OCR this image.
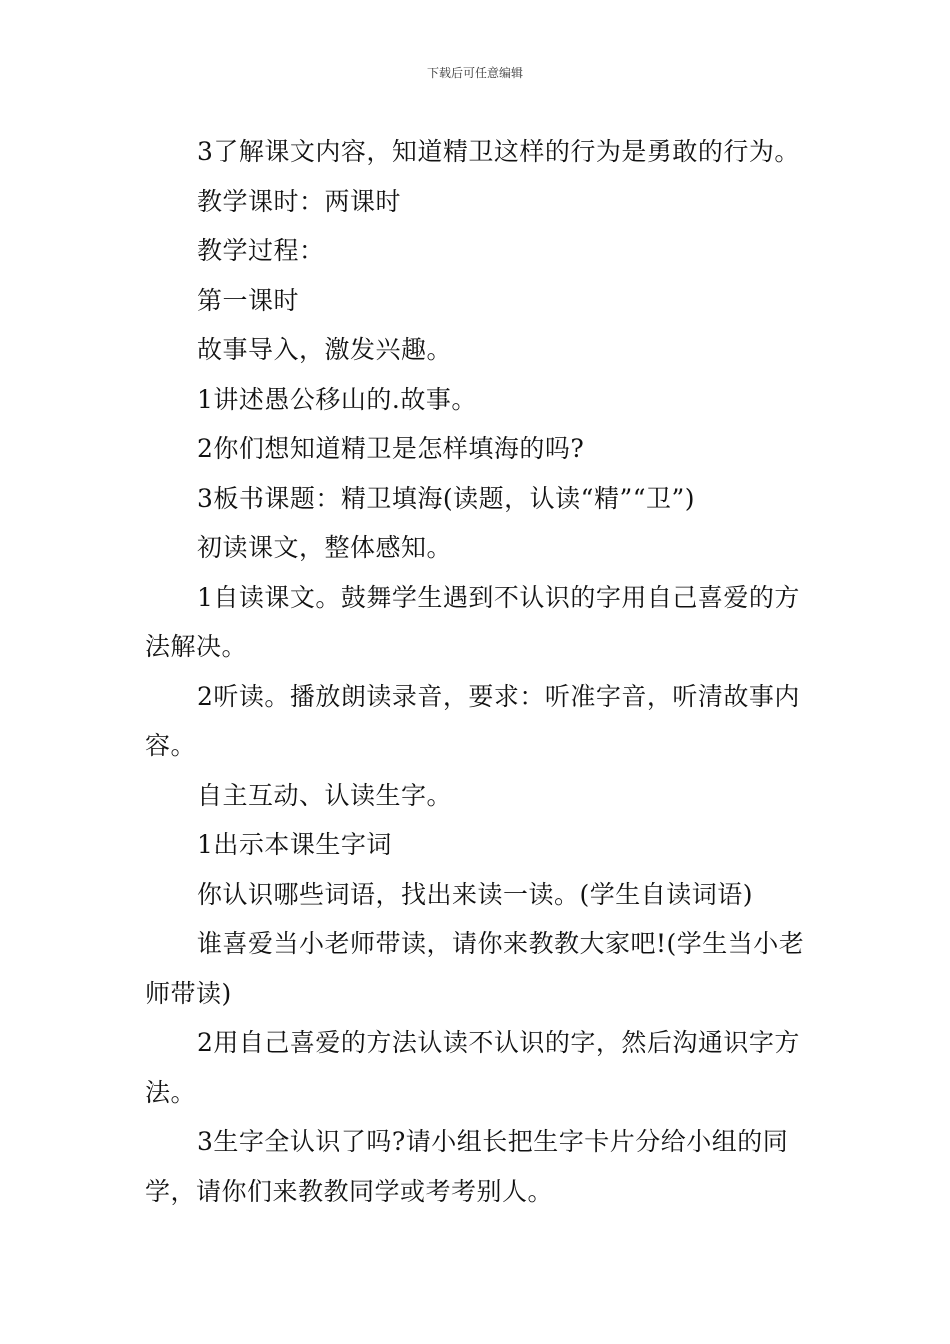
下载后可任意编辑

3了解课文内容，知道精卫这样的行为是勇敢的行为。

教学课时：两课时

教学过程：

第一课时

故事导入，激发兴趣。

1讲述愚公移山的.故事。

2你们想知道精卫是怎样填海的吗?

3板书课题：精卫填海(读题，认读“精”“卫”)

初读课文，整体感知。

1自读课文。鼓舞学生遇到不认识的字用自己喜爱的方法解决。

2听读。播放朗读录音，要求：听准字音，听清故事内容。

自主互动、认读生字。

1出示本课生字词

你认识哪些词语，找出来读一读。(学生自读词语)

谁喜爱当小老师带读，请你来教教大家吧!(学生当小老师带读)

2用自己喜爱的方法认读不认识的字，然后沟通识字方法。

3生字全认识了吗?请小组长把生字卡片分给小组的同学，请你们来教教同学或考考别人。
